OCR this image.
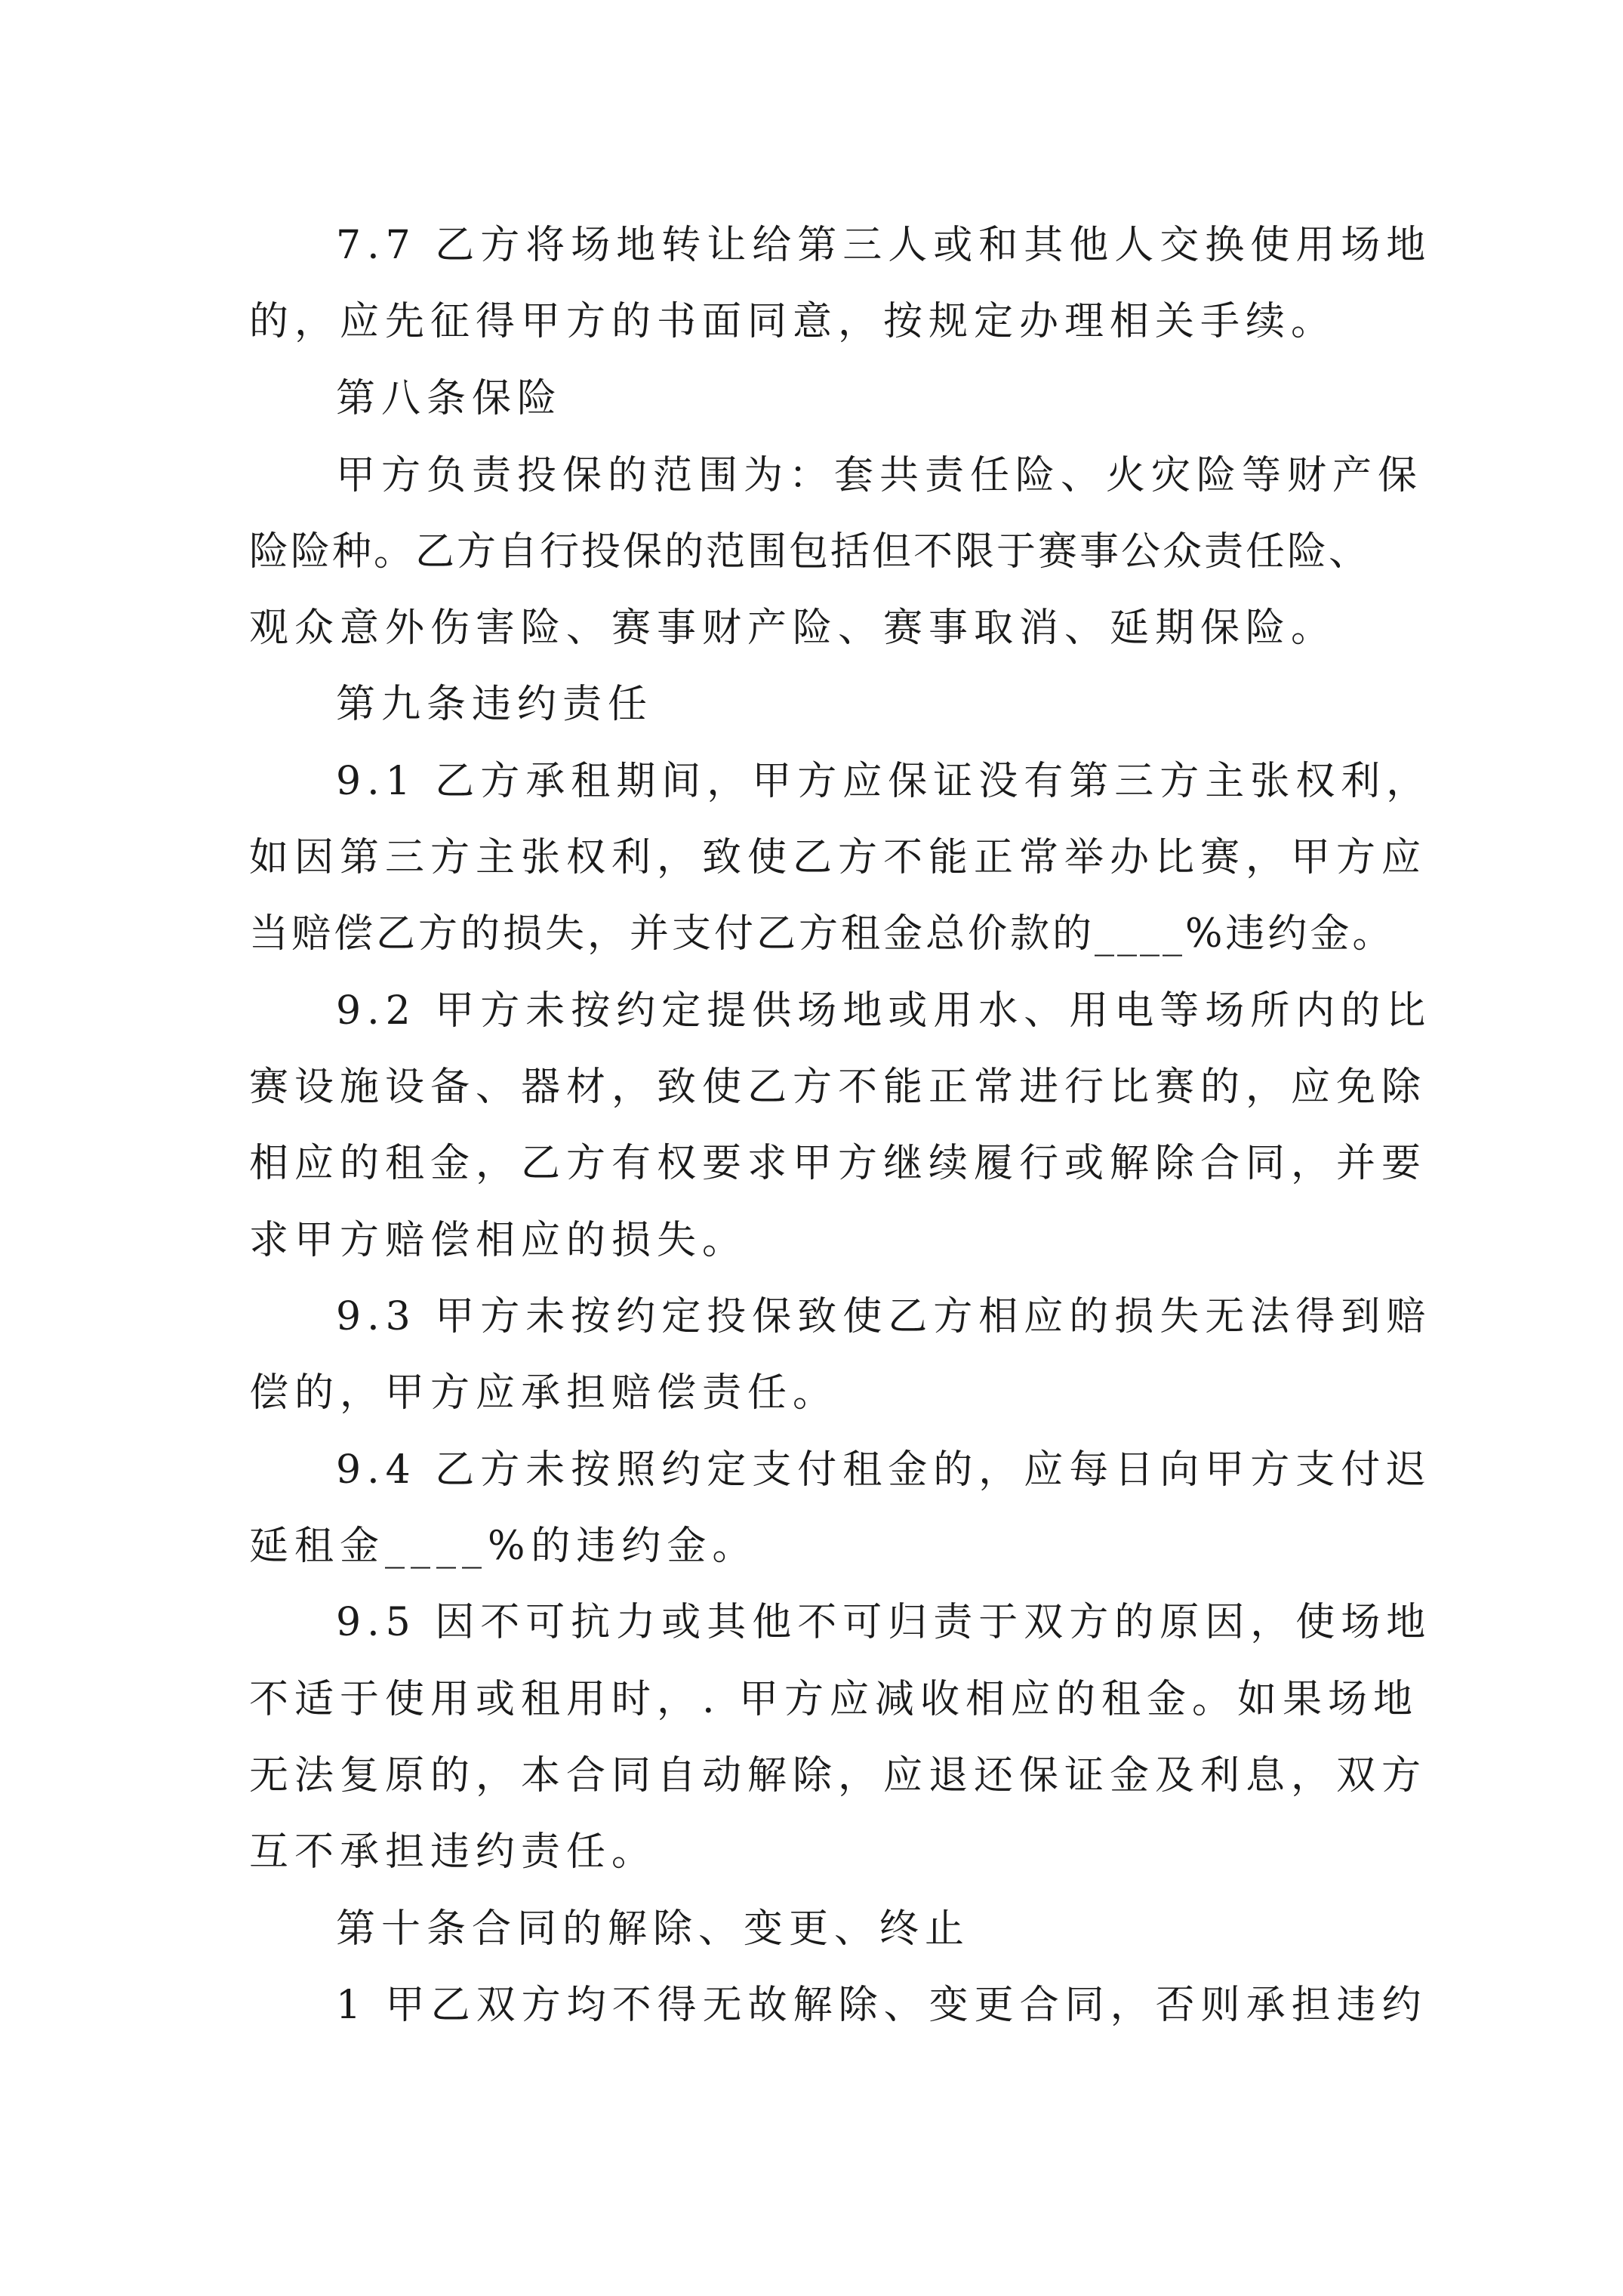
7.7 乙方将场地转让给第三人或和其他人交换使用场地
的，应先征得甲方的书面同意，按规定办理相关手续。
第八条保险
甲方负责投保的范围为：套共责任险、火灾险等财产保
险险种。乙方自行投保的范围包括但不限于赛事公众责任险、
观众意外伤害险、赛事财产险、赛事取消、延期保险。
第九条违约责任
9.1 乙方承租期间，甲方应保证没有第三方主张权利，
如因第三方主张权利，致使乙方不能正常举办比赛，甲方应
当赔偿乙方的损失，并支付乙方租金总价款的____%违约金。
9.2 甲方未按约定提供场地或用水、用电等场所内的比
赛设施设备、器材，致使乙方不能正常进行比赛的，应免除
相应的租金，乙方有权要求甲方继续履行或解除合同，并要
求甲方赔偿相应的损失。
9.3 甲方未按约定投保致使乙方相应的损失无法得到赔
偿的，甲方应承担赔偿责任。
9.4 乙方未按照约定支付租金的，应每日向甲方支付迟
延租金____%的违约金。
9.5 因不可抗力或其他不可归责于双方的原因，使场地
不适于使用或租用时，. 甲方应减收相应的租金。如果场地
无法复原的，本合同自动解除，应退还保证金及利息，双方
互不承担违约责任。
第十条合同的解除、变更、终止
1 甲乙双方均不得无故解除、变更合同，否则承担违约
